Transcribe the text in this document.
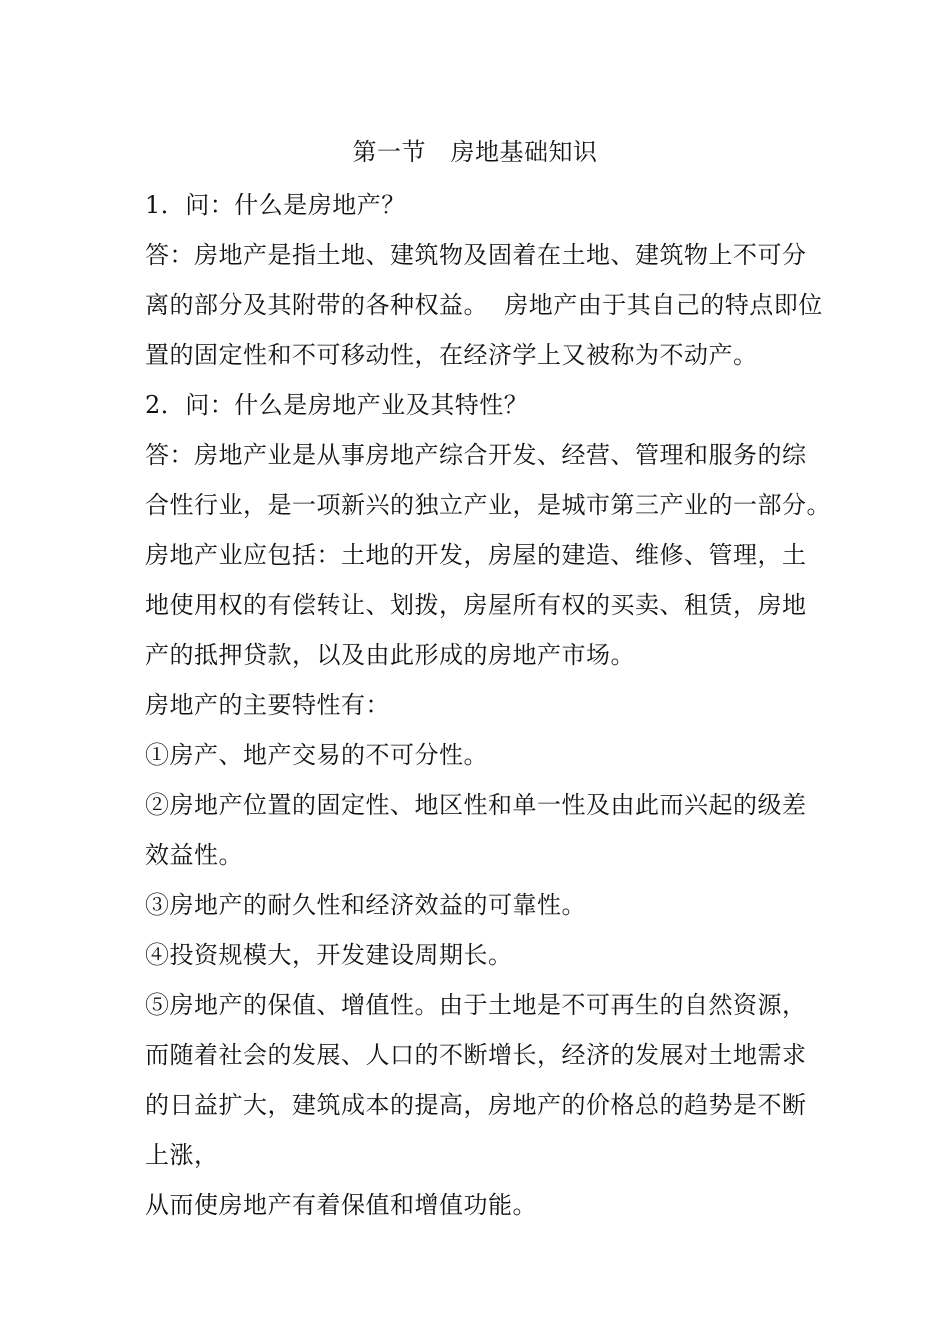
第一节　房地基础知识
1．问：什么是房地产？
答：房地产是指土地、建筑物及固着在土地、建筑物上不可分
离的部分及其附带的各种权益。  房地产由于其自己的特点即位
置的固定性和不可移动性，在经济学上又被称为不动产。
2．问：什么是房地产业及其特性？
答：房地产业是从事房地产综合开发、经营、管理和服务的综
合性行业，是一项新兴的独立产业，是城市第三产业的一部分。
房地产业应包括：土地的开发，房屋的建造、维修、管理，土
地使用权的有偿转让、划拨，房屋所有权的买卖、租赁，房地
产的抵押贷款，以及由此形成的房地产市场。
房地产的主要特性有：
①房产、地产交易的不可分性。
②房地产位置的固定性、地区性和单一性及由此而兴起的级差
效益性。
③房地产的耐久性和经济效益的可靠性。
④投资规模大，开发建设周期长。
⑤房地产的保值、增值性。由于土地是不可再生的自然资源，
而随着社会的发展、人口的不断增长，经济的发展对土地需求
的日益扩大，建筑成本的提高，房地产的价格总的趋势是不断
上涨，
从而使房地产有着保值和增值功能。
